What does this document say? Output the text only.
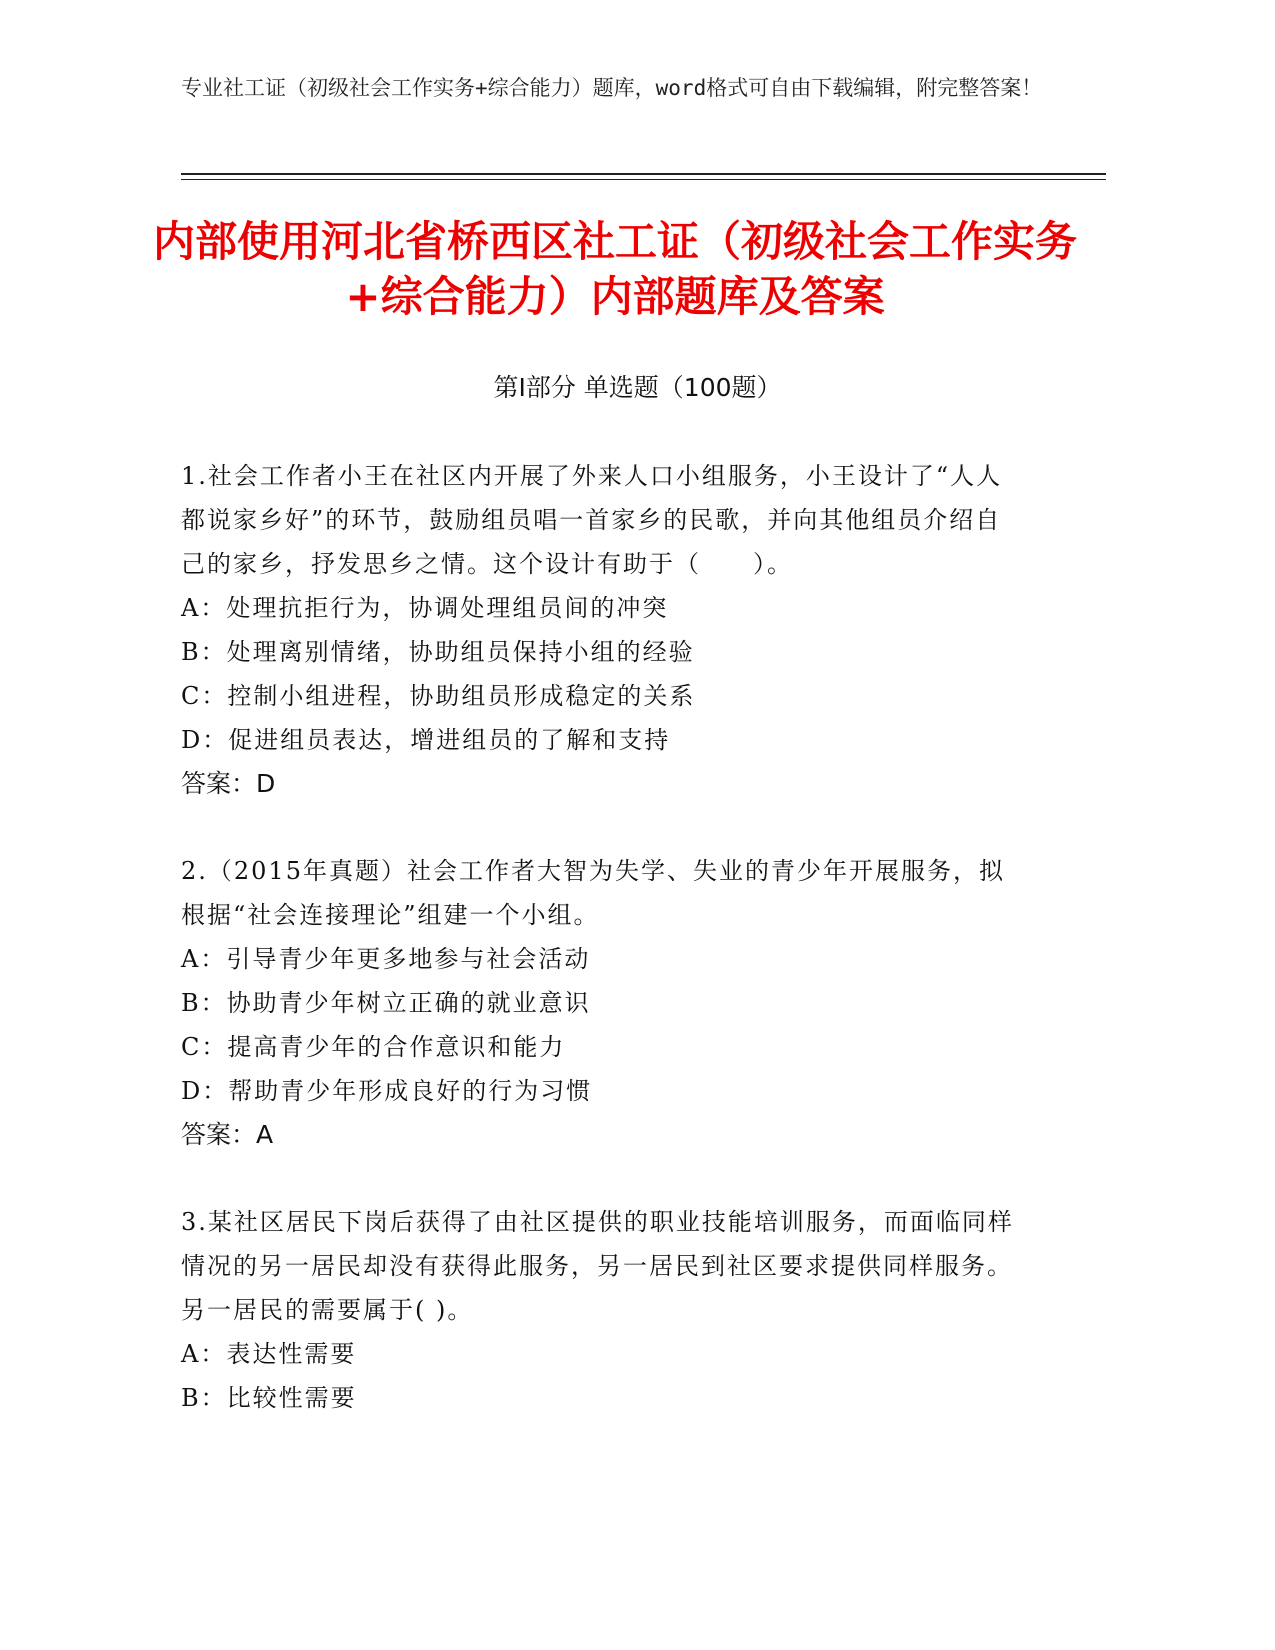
专业社工证（初级社会工作实务+综合能力）题库，word格式可自由下载编辑，附完整答案！
内部使用河北省桥西区社工证（初级社会工作实务+综合能力）内部题库及答案
第Ⅰ部分 单选题（100题）
1.社会工作者小王在社区内开展了外来人口小组服务，小王设计了“人人都说家乡好”的环节，鼓励组员唱一首家乡的民歌，并向其他组员介绍自己的家乡，抒发思乡之情。这个设计有助于（　　）。
A：处理抗拒行为，协调处理组员间的冲突
B：处理离别情绪，协助组员保持小组的经验
C：控制小组进程，协助组员形成稳定的关系
D：促进组员表达，增进组员的了解和支持
答案：D
2.（2015年真题）社会工作者大智为失学、失业的青少年开展服务，拟根据“社会连接理论”组建一个小组。
A：引导青少年更多地参与社会活动
B：协助青少年树立正确的就业意识
C：提高青少年的合作意识和能力
D：帮助青少年形成良好的行为习惯
答案：A
3.某社区居民下岗后获得了由社区提供的职业技能培训服务，而面临同样情况的另一居民却没有获得此服务，另一居民到社区要求提供同样服务。另一居民的需要属于( )。
A：表达性需要
B：比较性需要
